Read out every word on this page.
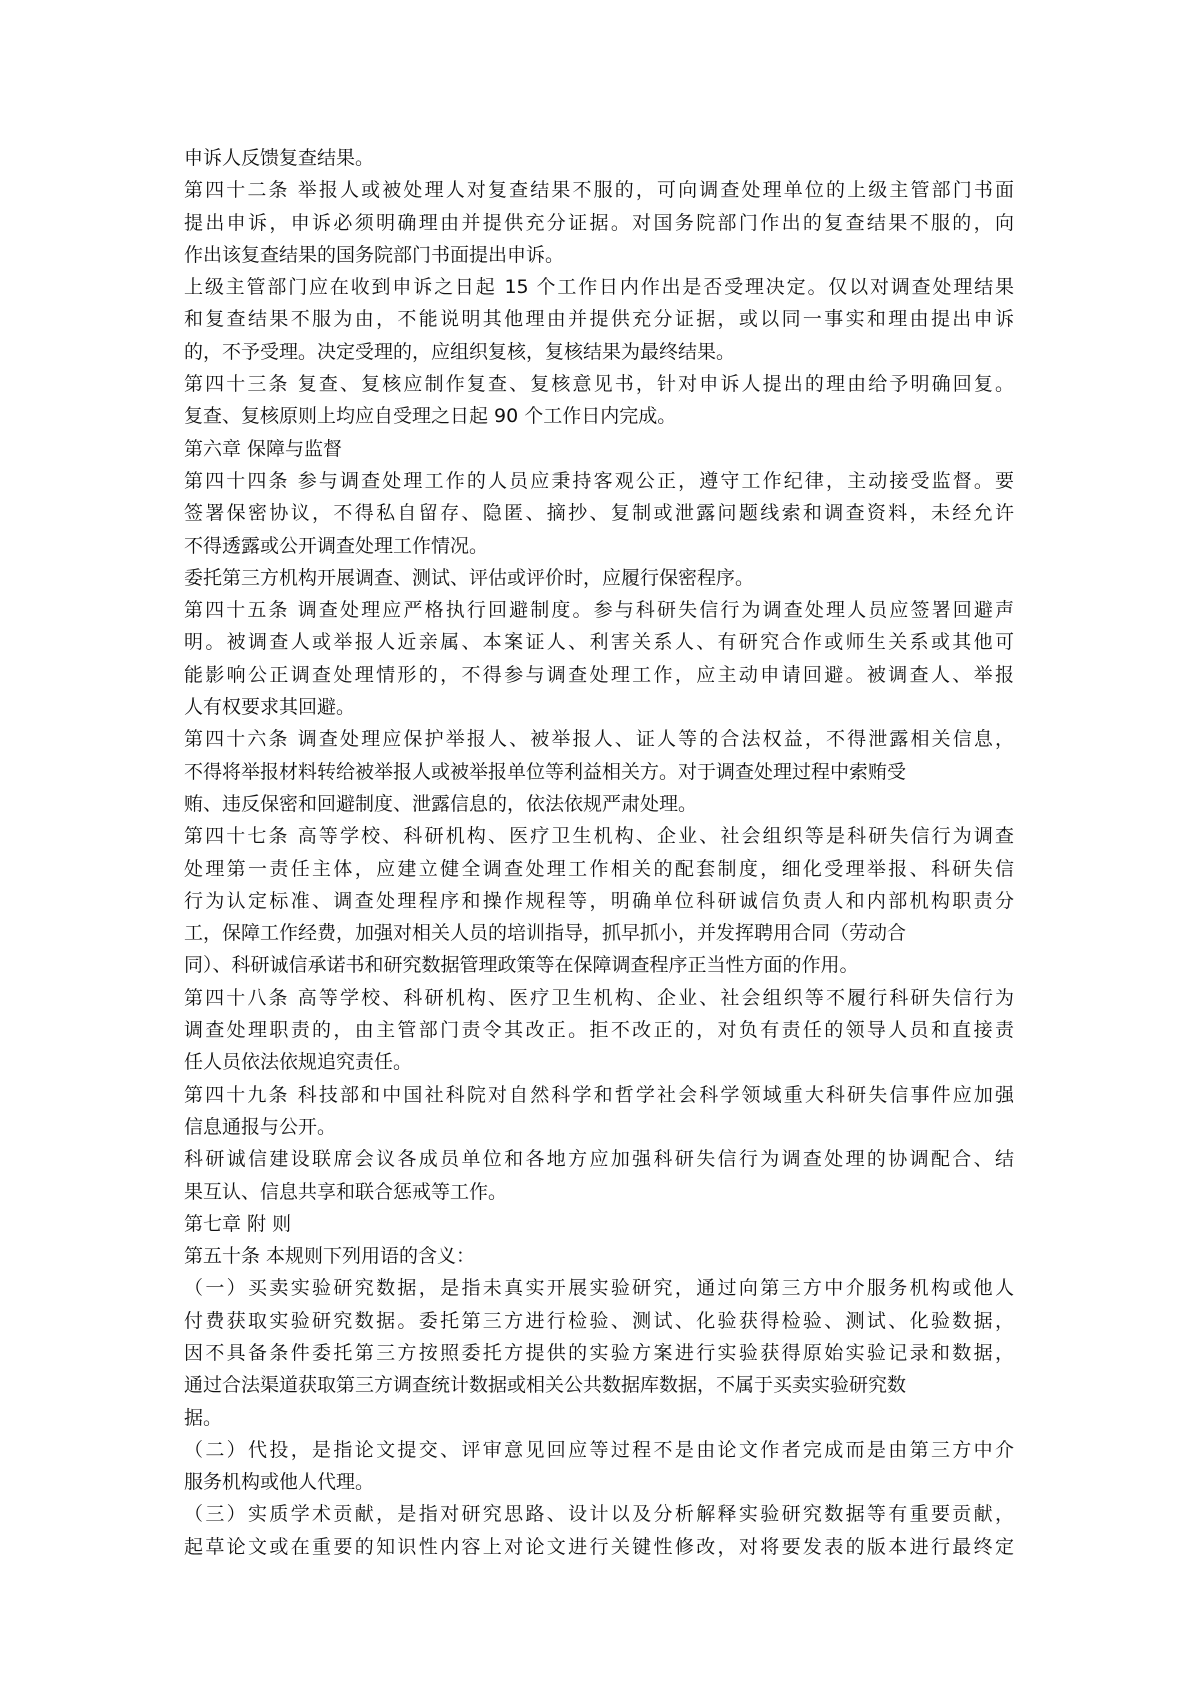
申诉人反馈复查结果。
第四十二条 举报人或被处理人对复查结果不服的，可向调查处理单位的上级主管部门书面
提出申诉，申诉必须明确理由并提供充分证据。对国务院部门作出的复查结果不服的，向
作出该复查结果的国务院部门书面提出申诉。
上级主管部门应在收到申诉之日起 15 个工作日内作出是否受理决定。仅以对调查处理结果
和复查结果不服为由，不能说明其他理由并提供充分证据，或以同一事实和理由提出申诉
的，不予受理。决定受理的，应组织复核，复核结果为最终结果。
第四十三条 复查、复核应制作复查、复核意见书，针对申诉人提出的理由给予明确回复。
复查、复核原则上均应自受理之日起 90 个工作日内完成。
第六章 保障与监督
第四十四条 参与调查处理工作的人员应秉持客观公正，遵守工作纪律，主动接受监督。要
签署保密协议，不得私自留存、隐匿、摘抄、复制或泄露问题线索和调查资料，未经允许
不得透露或公开调查处理工作情况。
委托第三方机构开展调查、测试、评估或评价时，应履行保密程序。
第四十五条 调查处理应严格执行回避制度。参与科研失信行为调查处理人员应签署回避声
明。被调查人或举报人近亲属、本案证人、利害关系人、有研究合作或师生关系或其他可
能影响公正调查处理情形的，不得参与调查处理工作，应主动申请回避。被调查人、举报
人有权要求其回避。
第四十六条 调查处理应保护举报人、被举报人、证人等的合法权益，不得泄露相关信息，
不得将举报材料转给被举报人或被举报单位等利益相关方。对于调查处理过程中索贿受
贿、违反保密和回避制度、泄露信息的，依法依规严肃处理。
第四十七条 高等学校、科研机构、医疗卫生机构、企业、社会组织等是科研失信行为调查
处理第一责任主体，应建立健全调查处理工作相关的配套制度，细化受理举报、科研失信
行为认定标准、调查处理程序和操作规程等，明确单位科研诚信负责人和内部机构职责分
工，保障工作经费，加强对相关人员的培训指导，抓早抓小，并发挥聘用合同（劳动合
同）、科研诚信承诺书和研究数据管理政策等在保障调查程序正当性方面的作用。
第四十八条 高等学校、科研机构、医疗卫生机构、企业、社会组织等不履行科研失信行为
调查处理职责的，由主管部门责令其改正。拒不改正的，对负有责任的领导人员和直接责
任人员依法依规追究责任。
第四十九条 科技部和中国社科院对自然科学和哲学社会科学领域重大科研失信事件应加强
信息通报与公开。
科研诚信建设联席会议各成员单位和各地方应加强科研失信行为调查处理的协调配合、结
果互认、信息共享和联合惩戒等工作。
第七章 附 则
第五十条 本规则下列用语的含义：
（一）买卖实验研究数据，是指未真实开展实验研究，通过向第三方中介服务机构或他人
付费获取实验研究数据。委托第三方进行检验、测试、化验获得检验、测试、化验数据，
因不具备条件委托第三方按照委托方提供的实验方案进行实验获得原始实验记录和数据，
通过合法渠道获取第三方调查统计数据或相关公共数据库数据，不属于买卖实验研究数
据。
（二）代投，是指论文提交、评审意见回应等过程不是由论文作者完成而是由第三方中介
服务机构或他人代理。
（三）实质学术贡献，是指对研究思路、设计以及分析解释实验研究数据等有重要贡献，
起草论文或在重要的知识性内容上对论文进行关键性修改，对将要发表的版本进行最终定
